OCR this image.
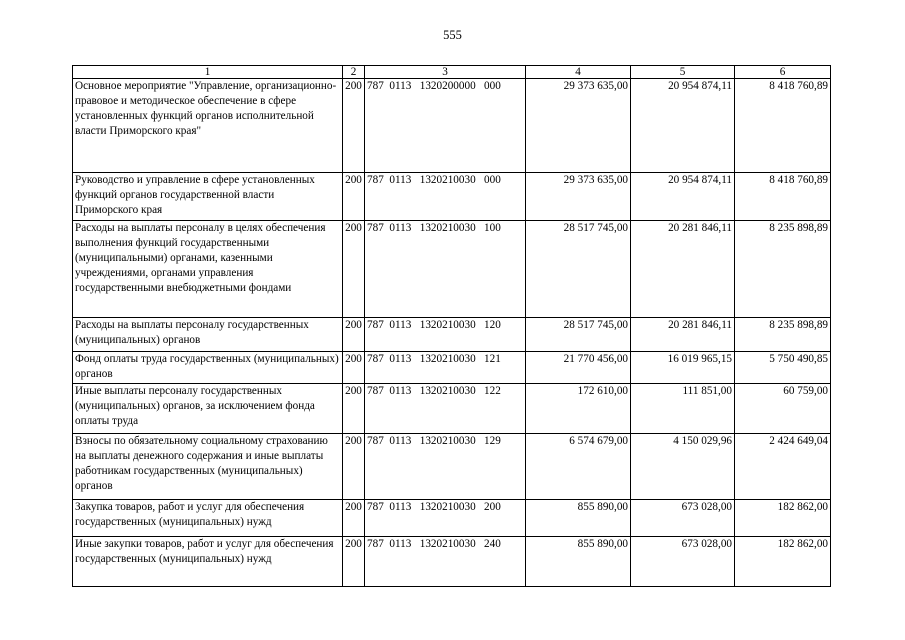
555
1	2	3	4	5	6
Основное мероприятие "Управление, организационно-правовое и методическое обеспечение в сфере установленных функций органов исполнительной власти Приморского края"	200	787  0113   1320200000   000	29 373 635,00	20 954 874,11	8 418 760,89
Руководство и управление в сфере установленных функций органов государственной власти Приморского края	200	787  0113   1320210030   000	29 373 635,00	20 954 874,11	8 418 760,89
Расходы на выплаты персоналу в целях обеспечения выполнения функций государственными (муниципальными) органами, казенными учреждениями, органами управления государственными внебюджетными фондами	200	787  0113   1320210030   100	28 517 745,00	20 281 846,11	8 235 898,89
Расходы на выплаты персоналу государственных (муниципальных) органов	200	787  0113   1320210030   120	28 517 745,00	20 281 846,11	8 235 898,89
Фонд оплаты труда государственных (муниципальных) органов	200	787  0113   1320210030   121	21 770 456,00	16 019 965,15	5 750 490,85
Иные выплаты персоналу государственных (муниципальных) органов, за исключением фонда оплаты труда	200	787  0113   1320210030   122	172 610,00	111 851,00	60 759,00
Взносы по обязательному социальному страхованию на выплаты денежного содержания и иные выплаты работникам государственных (муниципальных) органов	200	787  0113   1320210030   129	6 574 679,00	4 150 029,96	2 424 649,04
Закупка товаров, работ и услуг для обеспечения государственных (муниципальных) нужд	200	787  0113   1320210030   200	855 890,00	673 028,00	182 862,00
Иные закупки товаров, работ и услуг для обеспечения государственных (муниципальных) нужд	200	787  0113   1320210030   240	855 890,00	673 028,00	182 862,00
